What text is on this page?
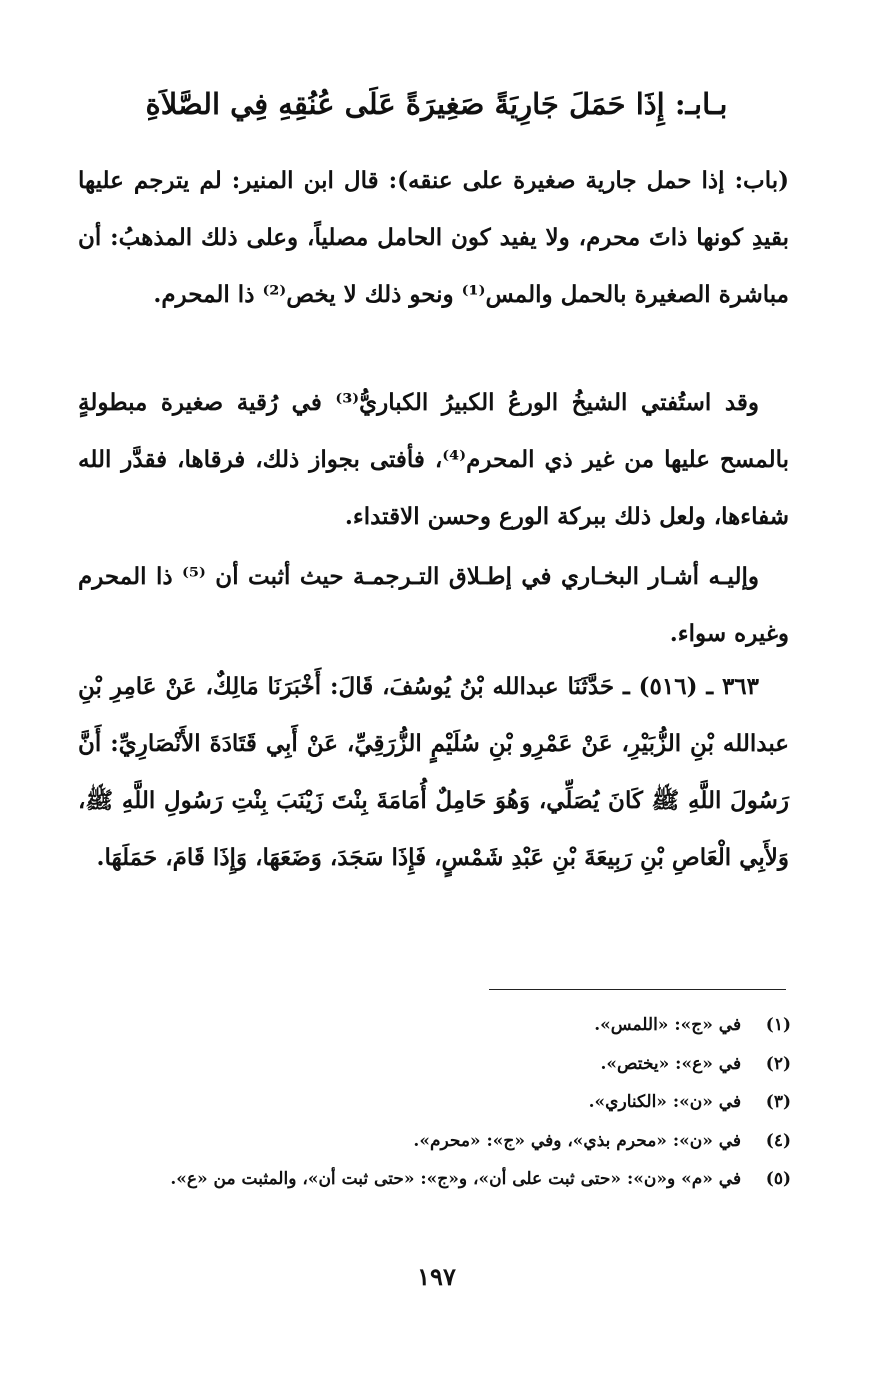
بـابـ: إِذَا حَمَلَ جَارِيَةً صَغِيرَةً عَلَى عُنُقِهِ فِي الصَّلاَةِ

(باب: إذا حمل جارية صغيرة على عنقه): قال ابن المنير: لم يترجم عليها بقيدِ كونها ذاتَ محرم، ولا يفيد كون الحامل مصلياً، وعلى ذلك المذهبُ: أن مباشرة الصغيرة بالحمل والمس⁽¹⁾ ونحو ذلك لا يخص⁽²⁾ ذا المحرم.

وقد استُفتي الشيخُ الورعُ الكبيرُ الكباريُّ⁽³⁾ في رُقية صغيرة مبطولةٍ بالمسح عليها من غير ذي المحرم⁽⁴⁾، فأفتى بجواز ذلك، فرقاها، فقدَّر الله شفاءها، ولعل ذلك ببركة الورع وحسن الاقتداء.

وإليـه أشـار البخـاري في إطـلاق التـرجمـة حيث أثبت أن ⁽⁵⁾ ذا المحرم وغيره سواء.

٣٦٣ ـ (٥١٦) ـ حَدَّثَنَا عبدالله بْنُ يُوسُفَ، قَالَ: أَخْبَرَنَا مَالِكٌ، عَنْ عَامِرِ بْنِ عبدالله بْنِ الزُّبَيْرِ، عَنْ عَمْرِو بْنِ سُلَيْمٍ الزُّرَقِيِّ، عَنْ أَبِي قَتَادَةَ الأَنْصَارِيِّ: أَنَّ رَسُولَ اللَّهِ ﷺ كَانَ يُصَلِّي، وَهُوَ حَامِلٌ أُمَامَةَ بِنْتَ زَيْنَبَ بِنْتِ رَسُولِ اللَّهِ ﷺ، وَلأَبِي الْعَاصِ بْنِ رَبِيعَةَ بْنِ عَبْدِ شَمْسٍ، فَإِذَا سَجَدَ، وَضَعَهَا، وَإِذَا قَامَ، حَمَلَهَا.

(١) في «ج»: «اللمس».
(٢) في «ع»: «يختص».
(٣) في «ن»: «الكناري».
(٤) في «ن»: «محرم بذي»، وفي «ج»: «محرم».
(٥) في «م» و«ن»: «حتى ثبت على أن»، و«ج»: «حتى ثبت أن»، والمثبت من «ع».
١٩٧
